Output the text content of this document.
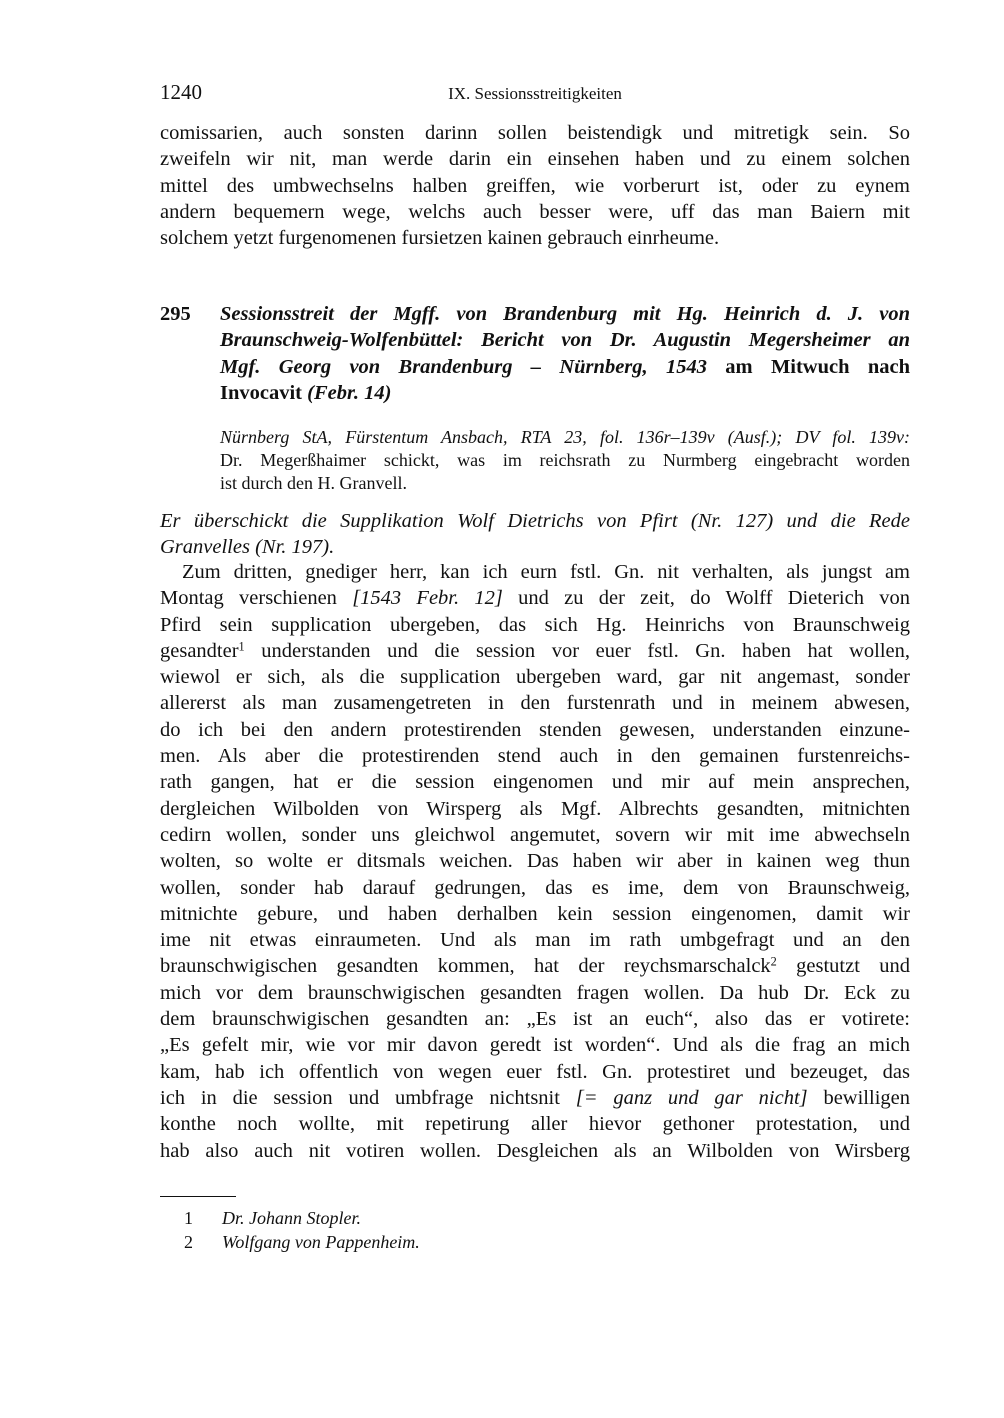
1240	IX. Sessionsstreitigkeiten
comissarien, auch sonsten darinn sollen beistendigk und mitretigk sein. So
zweifeln wir nit, man werde darin ein einsehen haben und zu einem solchen
mittel des umbwechselns halben greiffen, wie vorberurt ist, oder zu eynem
andern bequemern wege, welchs auch besser were, uff das man Baiern mit
solchem yetzt furgenomenen fursietzen kainen gebrauch einrheume.
295 Sessionsstreit der Mgff. von Brandenburg mit Hg. Heinrich d. J. von
Braunschweig-Wolfenbüttel: Bericht von Dr. Augustin Megersheimer an
Mgf. Georg von Brandenburg – Nürnberg, 1543 am Mitwuch nach
Invocavit (Febr. 14)
Nürnberg StA, Fürstentum Ansbach, RTA 23, fol. 136r–139v (Ausf.); DV fol. 139v:
Dr. Megerßhaimer schickt, was im reichsrath zu Nurmberg eingebracht worden
ist durch den H. Granvell.
Er überschickt die Supplikation Wolf Dietrichs von Pfirt (Nr. 127) und die Rede
Granvelles (Nr. 197).
Zum dritten, gnediger herr, kan ich eurn fstl. Gn. nit verhalten, als jungst am
Montag verschienen [1543 Febr. 12] und zu der zeit, do Wolff Dieterich von
Pfird sein supplication ubergeben, das sich Hg. Heinrichs von Braunschweig
gesandter$^1$ understanden und die session vor euer fstl. Gn. haben hat wollen,
wiewol er sich, als die supplication ubergeben ward, gar nit angemast, sonder
allererst als man zusamengetreten in den furstenrath und in meinem abwesen,
do ich bei den andern protestirenden stenden gewesen, understanden einzune-
men. Als aber die protestirenden stend auch in den gemainen furstenreichs-
rath gangen, hat er die session eingenomen und mir auf mein ansprechen,
dergleichen Wilbolden von Wirsperg als Mgf. Albrechts gesandten, mitnichten
cedirn wollen, sonder uns gleichwol angemutet, sovern wir mit ime abwechseln
wolten, so wolte er ditsmals weichen. Das haben wir aber in kainen weg thun
wollen, sonder hab darauf gedrungen, das es ime, dem von Braunschweig,
mitnichte gebure, und haben derhalben kein session eingenomen, damit wir
ime nit etwas einraumeten. Und als man im rath umbgefragt und an den
braunschwigischen gesandten kommen, hat der reychsmarschalck$^2$ gestutzt und
mich vor dem braunschwigischen gesandten fragen wollen. Da hub Dr. Eck zu
dem braunschwigischen gesandten an: „Es ist an euch“, also das er votirete:
„Es gefelt mir, wie vor mir davon geredt ist worden“. Und als die frag an mich
kam, hab ich offentlich von wegen euer fstl. Gn. protestiret und bezeuget, das
ich in die session und umbfrage nichtsnit [= ganz und gar nicht] bewilligen
konthe noch wollte, mit repetirung aller hievor gethoner protestation, und
hab also auch nit votiren wollen. Desgleichen als an Wilbolden von Wirsberg
1 Dr. Johann Stopler.
2 Wolfgang von Pappenheim.
